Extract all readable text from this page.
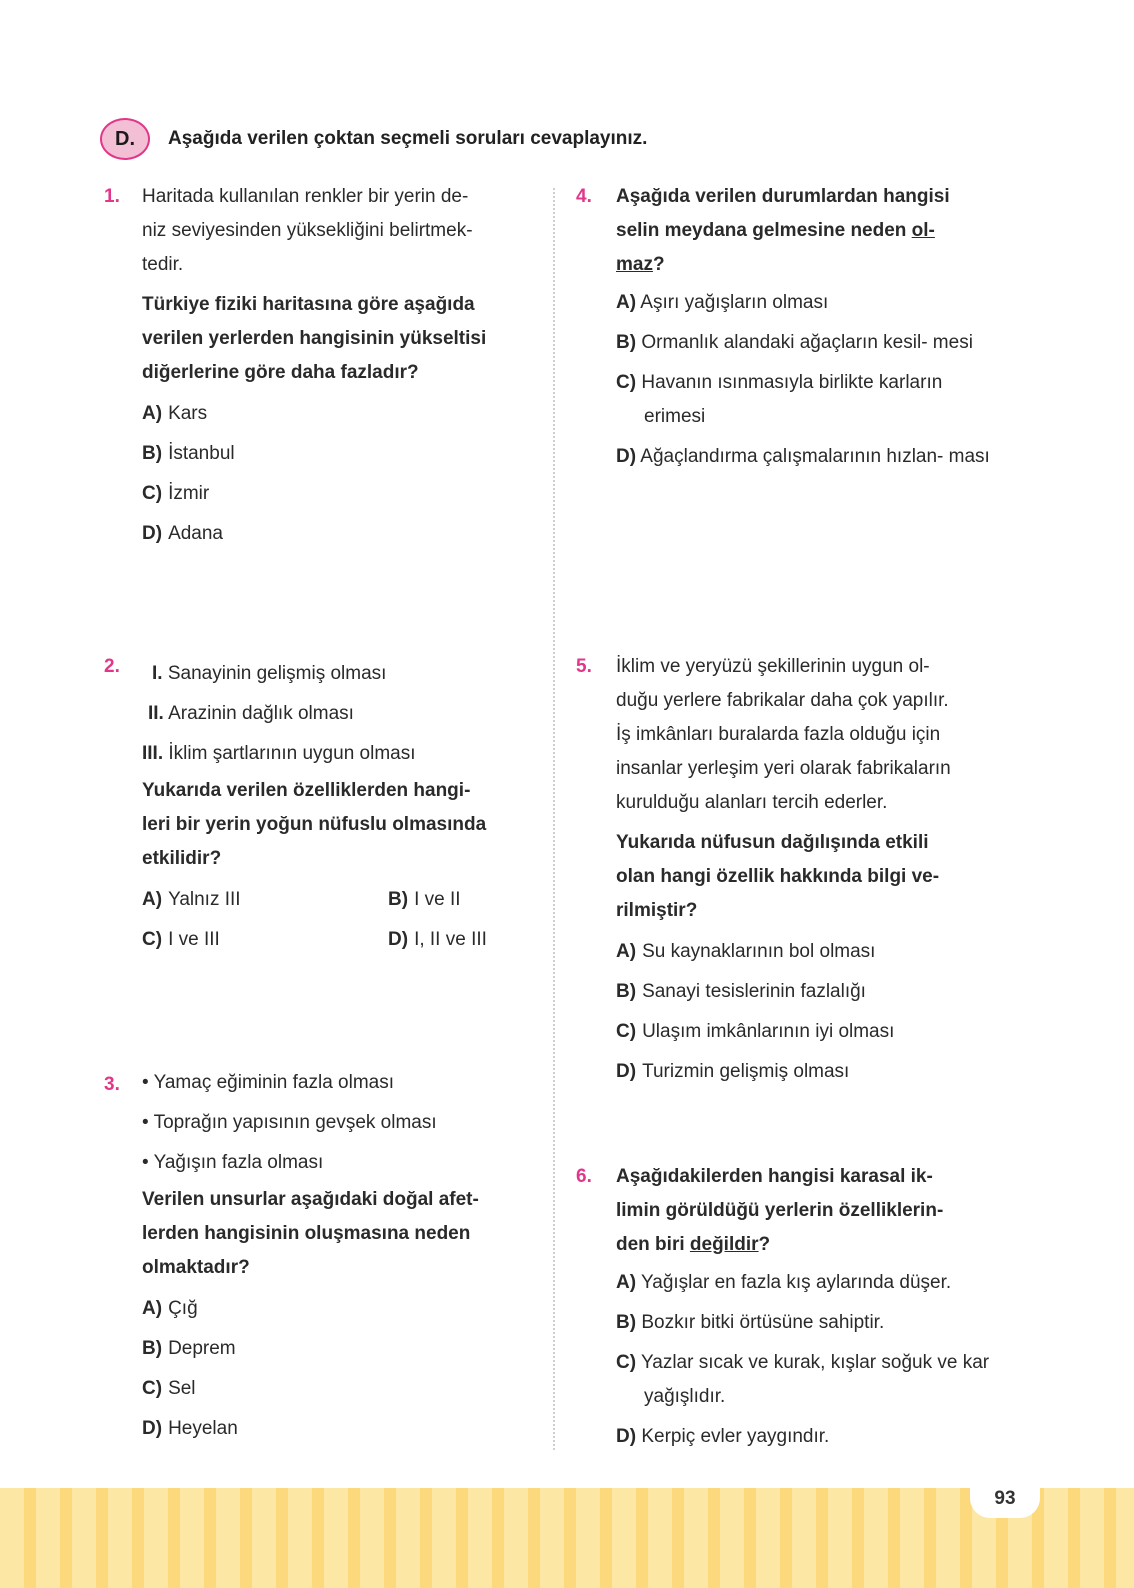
D.	Aşağıda verilen çoktan seçmeli soruları cevaplayınız.
1. Haritada kullanılan renkler bir yerin de-

niz seviyesinden yüksekliğini belirtmek-

tedir.

Türkiye fiziki haritasına göre aşağıda

verilen yerlerden hangisinin yükseltisi

diğerlerine göre daha fazladır?

A) Kars

B) İstanbul

C) İzmir

D) Adana

2.	I. Sanayinin gelişmiş olması

II. Arazinin dağlık olması

III. İklim şartlarının uygun olması

Yukarıda verilen özelliklerden hangi-

leri bir yerin yoğun nüfuslu olmasında

etkilidir?

A) Yalnız III	B) I ve II

C) I ve III	D) I, II ve III

3. • Yamaç eğiminin fazla olması

• Toprağın yapısının gevşek olması

• Yağışın fazla olması

Verilen unsurlar aşağıdaki doğal afet-

lerden hangisinin oluşmasına neden

olmaktadır?

A) Çığ

B) Deprem

C) Sel

D) Heyelan

4. Aşağıda verilen durumlardan hangisi

selin meydana gelmesine neden ol-

maz?

A) Aşırı yağışların olması

B) Ormanlık alandaki ağaçların kesil- mesi

C) Havanın ısınmasıyla birlikte karların erimesi

D) Ağaçlandırma çalışmalarının hızlan- ması

5. İklim ve yeryüzü şekillerinin uygun ol-

duğu yerlere fabrikalar daha çok yapılır.

İş imkânları buralarda fazla olduğu için

insanlar yerleşim yeri olarak fabrikaların

kurulduğu alanları tercih ederler.

Yukarıda nüfusun dağılışında etkili

olan hangi özellik hakkında bilgi ve-

rilmiştir?

A) Su kaynaklarının bol olması

B) Sanayi tesislerinin fazlalığı

C) Ulaşım imkânlarının iyi olması

D) Turizmin gelişmiş olması

6. Aşağıdakilerden hangisi karasal ik-

limin görüldüğü yerlerin özelliklerin-

den biri değildir?

A) Yağışlar en fazla kış aylarında düşer.

B) Bozkır bitki örtüsüne sahiptir.

C) Yazlar sıcak ve kurak, kışlar soğuk ve kar yağışlıdır.

D) Kerpiç evler yaygındır.

93
